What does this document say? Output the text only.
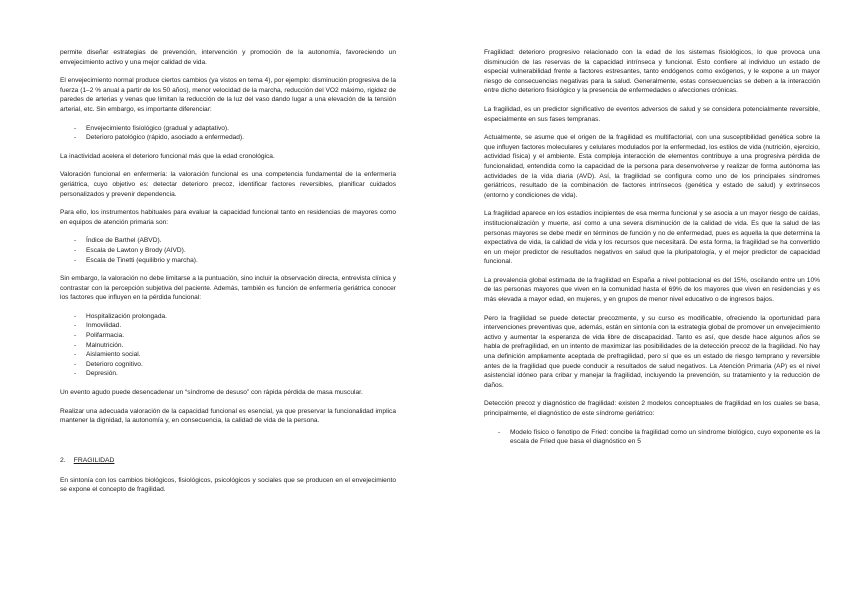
permite diseñar estrategias de prevención, intervención y promoción de la autonomía, favoreciendo un envejecimiento activo y una mejor calidad de vida.

El envejecimiento normal produce ciertos cambios (ya vistos en tema 4), por ejemplo: disminución progresiva de la fuerza (1–2 % anual a partir de los 50 años), menor velocidad de la marcha, reducción del VO2 máximo, rigidez de paredes de arterias y venas que limitan la reducción de la luz del vaso dando lugar a una elevación de la tensión arterial, etc. Sin embargo, es importante diferenciar:

- Envejecimiento fisiológico (gradual y adaptativo).
- Deterioro patológico (rápido, asociado a enfermedad).

La inactividad acelera el deterioro funcional más que la edad cronológica.

Valoración funcional en enfermería: la valoración funcional es una competencia fundamental de la enfermería geriátrica, cuyo objetivo es: detectar deterioro precoz, identificar factores reversibles, planificar cuidados personalizados y prevenir dependencia.

Para ello, los instrumentos habituales para evaluar la capacidad funcional tanto en residencias de mayores como en equipos de atención primaria son:

- Índice de Barthel (ABVD).
- Escala de Lawton y Brody (AIVD).
- Escala de Tinetti (equilibrio y marcha).

Sin embargo, la valoración no debe limitarse a la puntuación, sino incluir la observación directa, entrevista clínica y contrastar con la percepción subjetiva del paciente. Además, también es función de enfermería geriátrica conocer los factores que influyen en la pérdida funcional:

- Hospitalización prolongada.
- Inmovilidad.
- Polifarmacia.
- Malnutrición.
- Aislamiento social.
- Deterioro cognitivo.
- Depresión.

Un evento agudo puede desencadenar un “síndrome de desuso” con rápida pérdida de masa muscular.

Realizar una adecuada valoración de la capacidad funcional es esencial, ya que preservar la funcionalidad implica mantener la dignidad, la autonomía y, en consecuencia, la calidad de vida de la persona.

2. FRAGILIDAD

En sintonía con los cambios biológicos, fisiológicos, psicológicos y sociales que se producen en el envejecimiento se expone el concepto de fragilidad.

Fragilidad: deterioro progresivo relacionado con la edad de los sistemas fisiológicos, lo que provoca una disminución de las reservas de la capacidad intrínseca y funcional. Esto confiere al individuo un estado de especial vulnerabilidad frente a factores estresantes, tanto endógenos como exógenos, y le expone a un mayor riesgo de consecuencias negativas para la salud. Generalmente, estas consecuencias se deben a la interacción entre dicho deterioro fisiológico y la presencia de enfermedades o afecciones crónicas.

La fragilidad, es un predictor significativo de eventos adversos de salud y se considera potencialmente reversible, especialmente en sus fases tempranas.

Actualmente, se asume que el origen de la fragilidad es multifactorial, con una susceptibilidad genética sobre la que influyen factores moleculares y celulares modulados por la enfermedad, los estilos de vida (nutrición, ejercicio, actividad física) y el ambiente. Esta compleja interacción de elementos contribuye a una progresiva pérdida de funcionalidad, entendida como la capacidad de la persona para desenvolverse y realizar de forma autónoma las actividades de la vida diaria (AVD). Así, la fragilidad se configura como uno de los principales síndromes geriátricos, resultado de la combinación de factores intrínsecos (genética y estado de salud) y extrínsecos (entorno y condiciones de vida).

La fragilidad aparece en los estadios incipientes de esa merma funcional y se asocia a un mayor riesgo de caídas, institucionalización y muerte, así como a una severa disminución de la calidad de vida. Es que la salud de las personas mayores se debe medir en términos de función y no de enfermedad, pues es aquella la que determina la expectativa de vida, la calidad de vida y los recursos que necesitará. De esta forma, la fragilidad se ha convertido en un mejor predictor de resultados negativos en salud que la pluripatología, y el mejor predictor de capacidad funcional.

La prevalencia global estimada de la fragilidad en España a nivel poblacional es del 15%, oscilando entre un 10% de las personas mayores que viven en la comunidad hasta el 69% de los mayores que viven en residencias y es más elevada a mayor edad, en mujeres, y en grupos de menor nivel educativo o de ingresos bajos.

Pero la fragilidad se puede detectar precozmente, y su curso es modificable, ofreciendo la oportunidad para intervenciones preventivas que, además, están en sintonía con la estrategia global de promover un envejecimiento activo y aumentar la esperanza de vida libre de discapacidad. Tanto es así, que desde hace algunos años se habla de prefragilidad, en un intento de maximizar las posibilidades de la detección precoz de la fragilidad. No hay una definición ampliamente aceptada de prefragilidad, pero sí que es un estado de riesgo temprano y reversible antes de la fragilidad que puede conducir a resultados de salud negativos. La Atención Primaria (AP) es el nivel asistencial idóneo para cribar y manejar la fragilidad, incluyendo la prevención, su tratamiento y la reducción de daños.

Detección precoz y diagnóstico de fragilidad: existen 2 modelos conceptuales de fragilidad en los cuales se basa, principalmente, el diagnóstico de este síndrome geriátrico:

- Modelo físico o fenotipo de Fried: concibe la fragilidad como un síndrome biológico, cuyo exponente es la escala de Fried que basa el diagnóstico en 5
